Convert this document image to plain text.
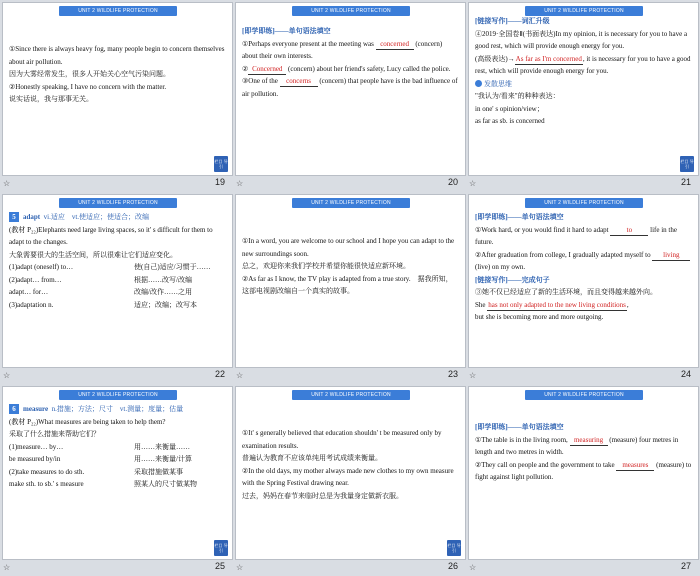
UNIT 2 WILDLIFE PROTECTION

①Since there is always heavy fog, many people begin to concern themselves about air pollution.

因为大雾经常发生，很多人开始关心空气污染问题。

②Honestly speaking, I have no concern with the matter.

说实话说，我与那事无关。

栏目 导引
☆	19
UNIT 2 WILDLIFE PROTECTION

[即学即练]——单句语法填空

①Perhaps everyone present at the meeting was concerned (concern) about their own interests.

② Concerned (concern) about her friend's safety, Lucy called the police.

③One of the concerns (concern) that people have is the bad influence of air pollution.

☆	20
UNIT 2 WILDLIFE PROTECTION

[链接写作]——词汇升级

④2019·全国卷Ⅱ(书面表达)In my opinion, it is necessary for you to have a good rest, which will provide enough energy for you.

(高级表达)→As far as I'm concerned, it is necessary for you to have a good rest, which will provide enough energy for you.

发散思维

"我认为/看来"的种种表达：

in one' s opinion/view；

as far as sb. is concerned

栏目 导引
☆	21
UNIT 2 WILDLIFE PROTECTION

5	adapt
vi.适应　vt.使适应；使适合；改编

(教材 P₂₂)Elephants need large living spaces, so it' s difficult for them to adapt to the changes.

大象需要很大的生活空间，所以很难让它们适应变化。

(1)adapt (oneself) to…	使(自己)适应/习惯于……

(2)adapt… from…	根据……改写/改编

adapt… for…	改编/改作……之用

(3)adaptation n.	适应；改编；改写本

☆	22
UNIT 2 WILDLIFE PROTECTION

①In a word, you are welcome to our school and I hope you can adapt to the new surroundings soon.

总之，欢迎你来我们学校并希望你能很快适应新环境。

②As far as I know, the TV play is adapted from a true story.　据我所知，这部电视剧改编自一个真实的故事。

☆	23
UNIT 2 WILDLIFE PROTECTION

[即学即练]——单句语法填空

①Work hard, or you would find it hard to adapt	to	life in the future.

②After graduation from college, I gradually adapted myself to living (live) on my own.

[链接写作]——完成句子

③她不仅已经适应了新的生活环境，而且变得越来越外向。

She has not only adapted to the new living conditions,

but she is becoming more and more outgoing.

☆	24
UNIT 2 WILDLIFE PROTECTION

6	measure
n.措施；方法；尺寸　vt.测量；度量；估量

(教材 P₂₂)What measures are being taken to help them?

采取了什么措施来帮助它们？

(1)measure… by…	用……来衡量……

be measured by/in	用……来衡量/计算

(2)take measures to do sth.	采取措施做某事

make sth. to sb.' s measure	照某人的尺寸做某物

栏目 导引
☆	25
UNIT 2 WILDLIFE PROTECTION

①It' s generally believed that education shouldn' t be measured only by examination results.

普遍认为教育不应该单纯用考试成绩来衡量。

②In the old days, my mother always made new clothes to my own measure with the Spring Festival drawing near.

过去，妈妈在春节来临时总是为我量身定做新衣服。

栏目 导引
☆	26
UNIT 2 WILDLIFE PROTECTION

[即学即练]——单句语法填空

①The table is in the living room, measuring (measure) four metres in length and two metres in width.

②They call on people and the government to take measures (measure) to fight against light pollution.

☆	27
